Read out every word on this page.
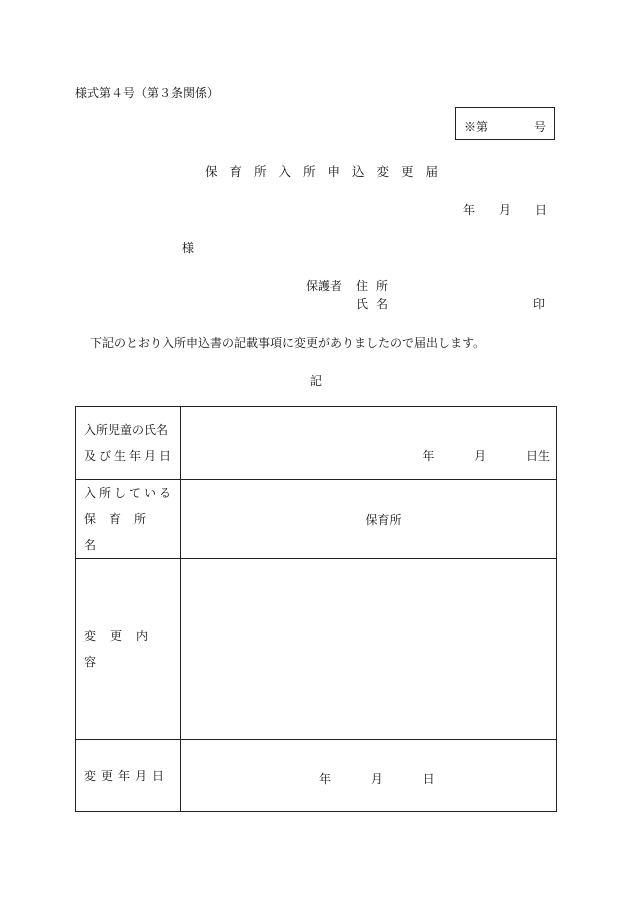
様式第４号（第３条関係）
※第	号
保育所入所申込変更届
年	月	日
様
保護者 住所
氏名	印
下記のとおり入所申込書の記載事項に変更がありましたので届出します。
記
入所児童の氏名
及び生年月日	年 月 日生

入所している
保育所名	保育所

変更内容	
変更年月日	年 月 日
